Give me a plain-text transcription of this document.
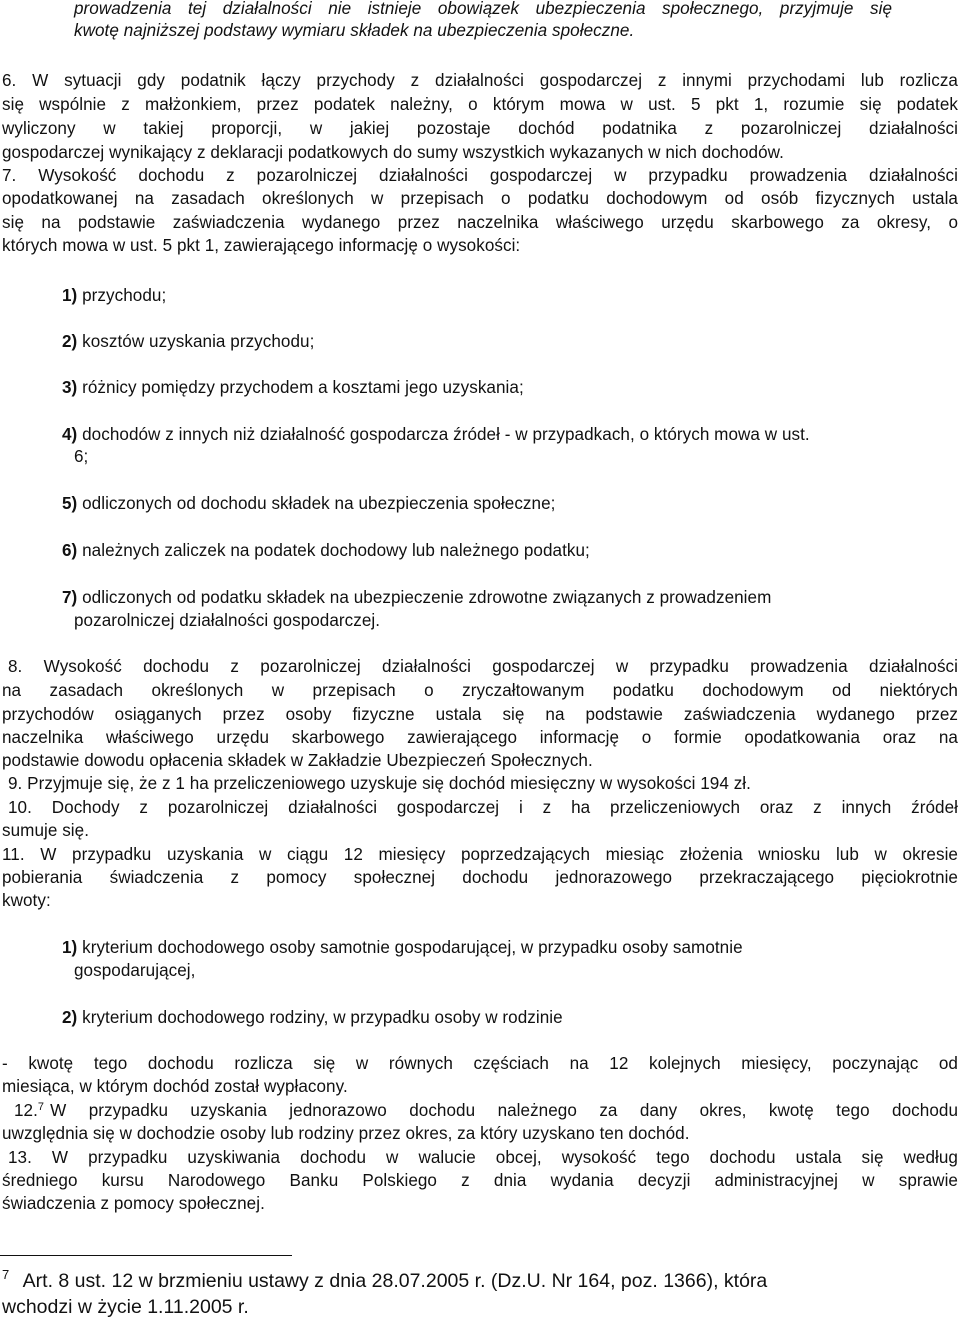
prowadzenia tej działalności nie istnieje obowiązek ubezpieczenia społecznego, przyjmuje się
kwotę najniższej podstawy wymiaru składek na ubezpieczenia społeczne.
6. W sytuacji gdy podatnik łączy przychody z działalności gospodarczej z innymi przychodami lub rozlicza
się wspólnie z małżonkiem, przez podatek należny, o którym mowa w ust. 5 pkt 1, rozumie się podatek
wyliczony w takiej proporcji, w jakiej pozostaje dochód podatnika z pozarolniczej działalności
gospodarczej wynikający z deklaracji podatkowych do sumy wszystkich wykazanych w nich dochodów.
7. Wysokość dochodu z pozarolniczej działalności gospodarczej w przypadku prowadzenia działalności
opodatkowanej na zasadach określonych w przepisach o podatku dochodowym od osób fizycznych ustala
się na podstawie zaświadczenia wydanego przez naczelnika właściwego urzędu skarbowego za okresy, o
których mowa w ust. 5 pkt 1, zawierającego informację o wysokości:
1) przychodu;
2) kosztów uzyskania przychodu;
3) różnicy pomiędzy przychodem a kosztami jego uzyskania;
4) dochodów z innych niż działalność gospodarcza źródeł - w przypadkach, o których mowa w ust.
6;
5) odliczonych od dochodu składek na ubezpieczenia społeczne;
6) należnych zaliczek na podatek dochodowy lub należnego podatku;
7) odliczonych od podatku składek na ubezpieczenie zdrowotne związanych z prowadzeniem
pozarolniczej działalności gospodarczej.
8. Wysokość dochodu z pozarolniczej działalności gospodarczej w przypadku prowadzenia działalności
na zasadach określonych w przepisach o zryczałtowanym podatku dochodowym od niektórych
przychodów osiąganych przez osoby fizyczne ustala się na podstawie zaświadczenia wydanego przez
naczelnika właściwego urzędu skarbowego zawierającego informację o formie opodatkowania oraz na
podstawie dowodu opłacenia składek w Zakładzie Ubezpieczeń Społecznych.
9. Przyjmuje się, że z 1 ha przeliczeniowego uzyskuje się dochód miesięczny w wysokości 194 zł.
10. Dochody z pozarolniczej działalności gospodarczej i z ha przeliczeniowych oraz z innych źródeł
sumuje się.
11. W przypadku uzyskania w ciągu 12 miesięcy poprzedzających miesiąc złożenia wniosku lub w okresie
pobierania świadczenia z pomocy społecznej dochodu jednorazowego przekraczającego pięciokrotnie
kwoty:
1) kryterium dochodowego osoby samotnie gospodarującej, w przypadku osoby samotnie
gospodarującej,
2) kryterium dochodowego rodziny, w przypadku osoby w rodzinie
- kwotę tego dochodu rozlicza się w równych częściach na 12 kolejnych miesięcy, poczynając od
miesiąca, w którym dochód został wypłacony.
12.$^7$ W przypadku uzyskania jednorazowo dochodu należnego za dany okres, kwotę tego dochodu
uwzględnia się w dochodzie osoby lub rodziny przez okres, za który uzyskano ten dochód.
13. W przypadku uzyskiwania dochodu w walucie obcej, wysokość tego dochodu ustala się według
średniego kursu Narodowego Banku Polskiego z dnia wydania decyzji administracyjnej w sprawie
świadczenia z pomocy społecznej.
$^7$ Art. 8 ust. 12 w brzmieniu ustawy z dnia 28.07.2005 r. (Dz.U. Nr 164, poz. 1366), która
wchodzi w życie 1.11.2005 r.
